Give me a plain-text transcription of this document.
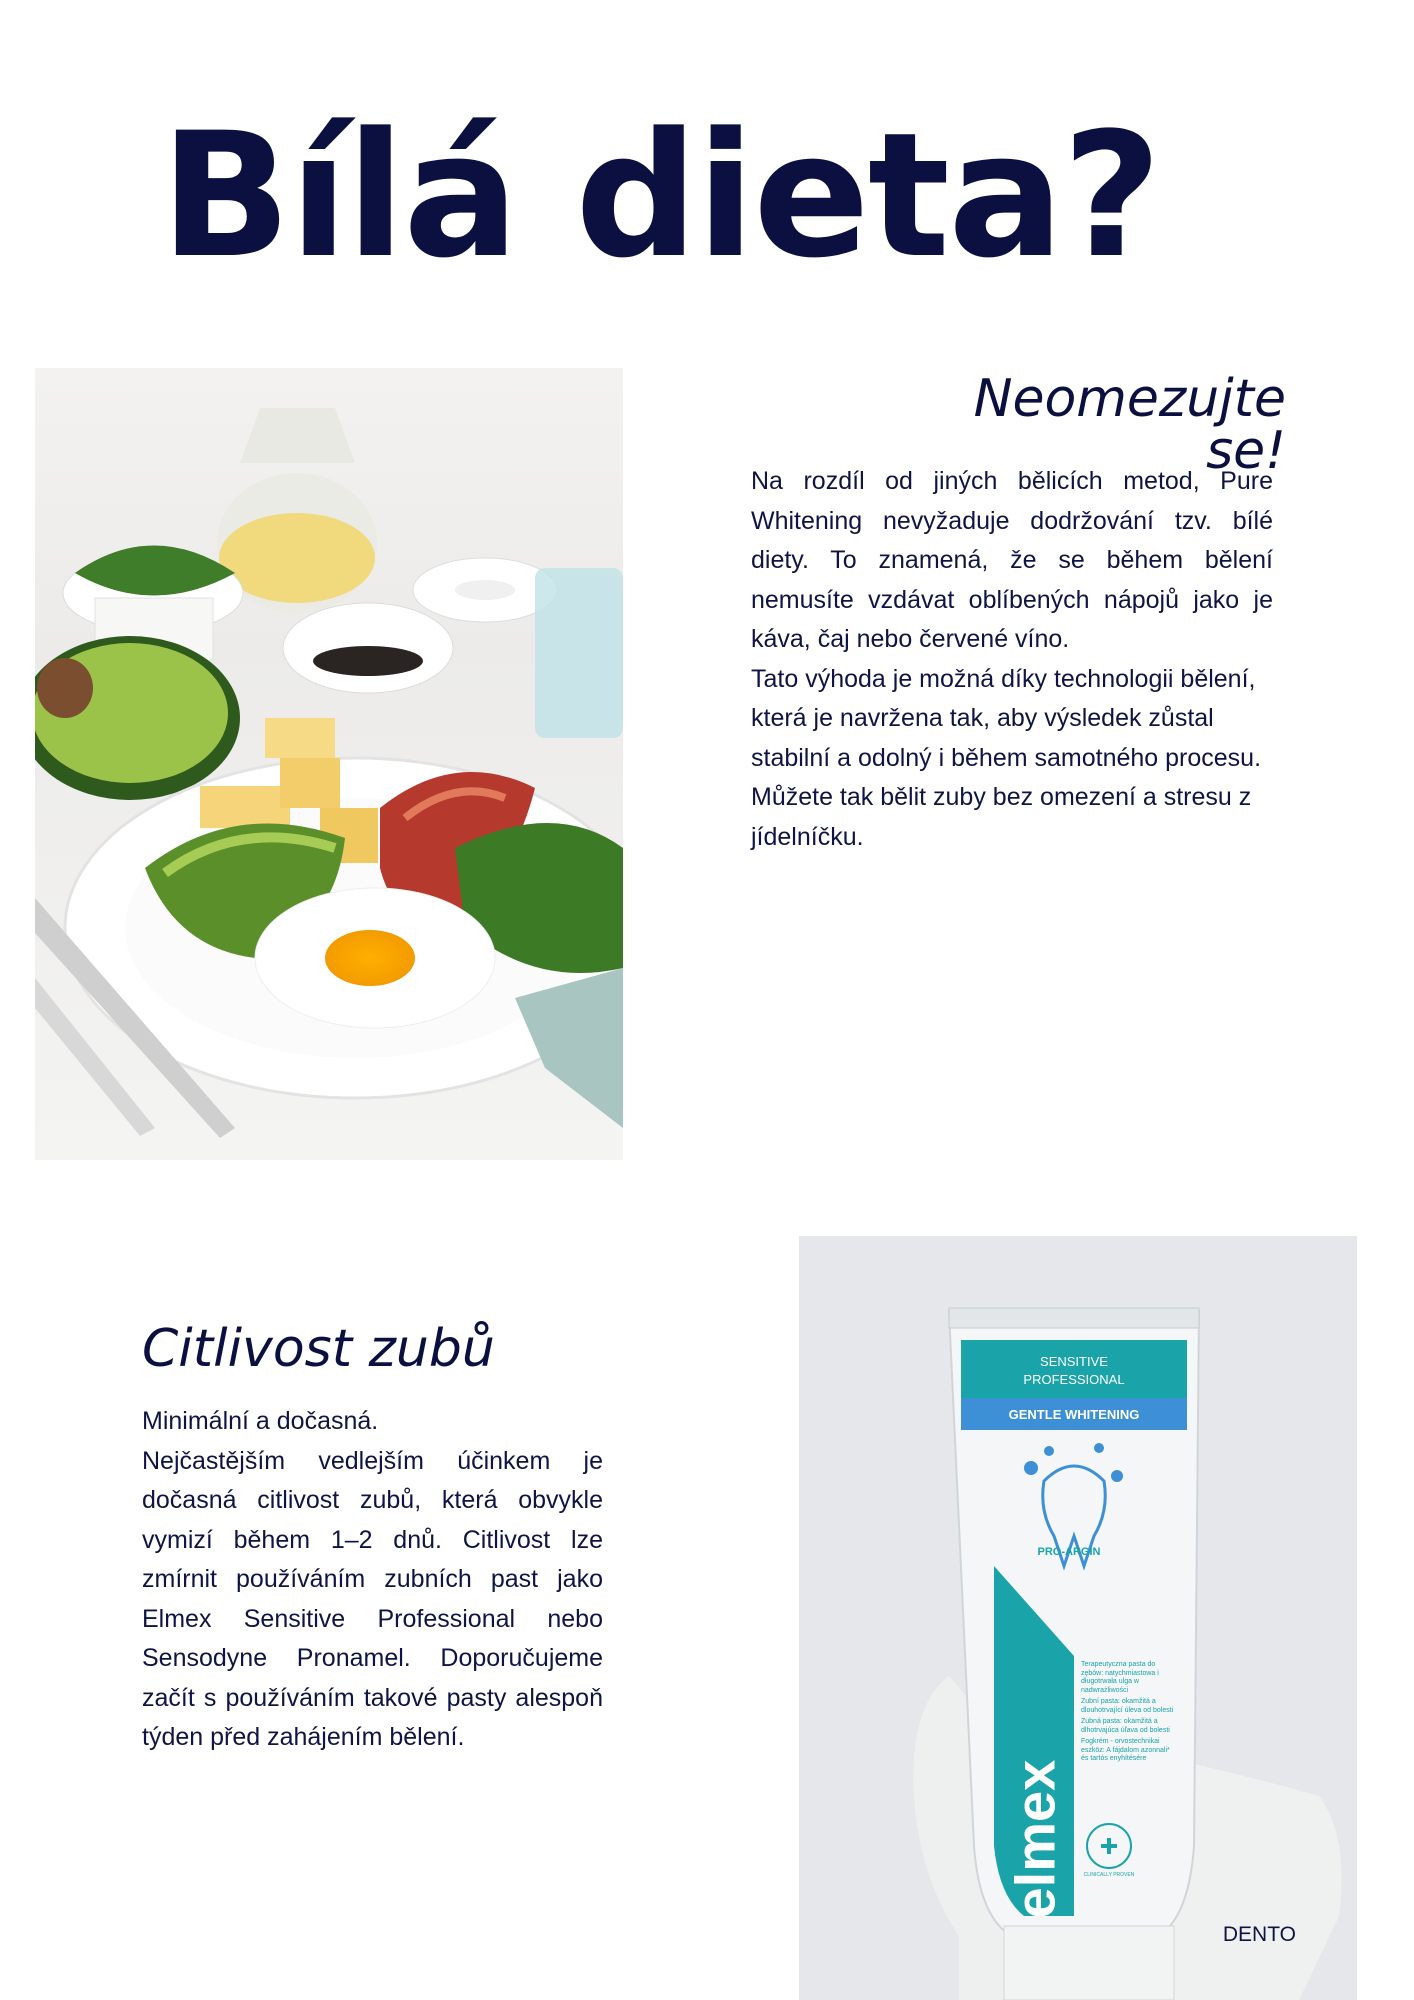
Bílá dieta?
Neomezujte se!

Na rozdíl od jiných bělicích metod, Pure Whitening nevyžaduje dodržování tzv. bílé diety. To znamená, že se během bělení nemusíte vzdávat oblíbených nápojů jako je káva, čaj nebo červené víno.

Tato výhoda je možná díky technologii bělení, která je navržena tak, aby výsledek zůstal stabilní a odolný i během samotného procesu. Můžete tak bělit zuby bez omezení a stresu z jídelníčku.

Citlivost zubů

Minimální a dočasná.

Nejčastějším vedlejším účinkem je dočasná citlivost zubů, která obvykle vymizí během 1–2 dnů. Citlivost lze zmírnit používáním zubních past jako Elmex Sensitive Professional nebo Sensodyne Pronamel. Doporučujeme začít s používáním takové pasty alespoň týden před zahájením bělení.

SENSITIVE
PROFESSIONAL
GENTLE WHITENING
PRO-ARGIN
elmex
Terapeutyczna pasta do zębów: natychmiastowa i długotrwała ulga w nadwrażliwości
Zubní pasta: okamžitá a dlouhotrvající úleva od bolesti
Zubná pasta: okamžitá a dlhotrvajúca úľava od bolesti
Fogkrém - orvostechnikai eszköz: A fájdalom azonnali* és tartós enyhítésére
CLINICALLY PROVEN
DENTO
